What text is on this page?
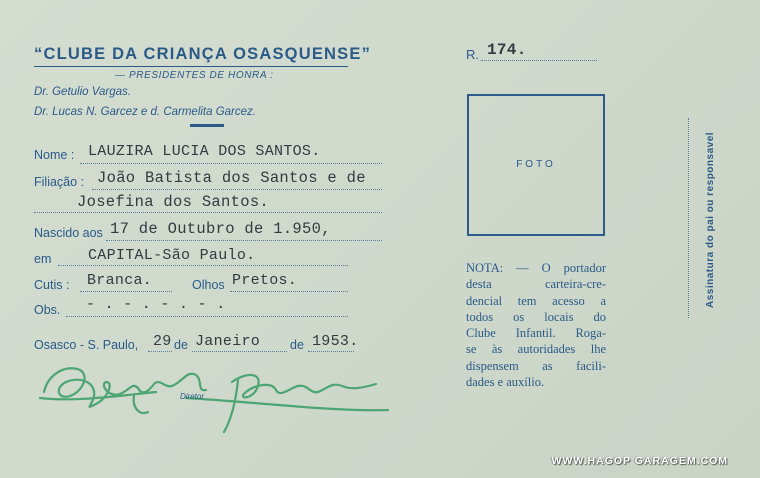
“CLUBE DA CRIANÇA OSASQUENSE”
— PRESIDENTES DE HONRA :
Dr. Getulio Vargas.
Dr. Lucas N. Garcez e d. Carmelita Garcez.
R. 174.
Nome : LAUZIRA LUCIA DOS SANTOS.
Filiação : João Batista dos Santos e de
Josefina dos Santos.
Nascido aos 17 de Outubro de 1.950,
em CAPITAL-São Paulo.
Cutis : Branca.	Olhos Pretos.
Obs. - . - . - . - .
Osasco - S. Paulo, 29 de Janeiro de 1953.
Diretor
FOTO
NOTA: — O portador
desta carteira-cre-
dencial tem acesso a
todos os locais do
Clube Infantil. Roga-
se às autoridades lhe
dispensem as facili-
dades e auxílio.
Assinatura do pai ou responsavel
WWW.HAGOP GARAGEM.COM
